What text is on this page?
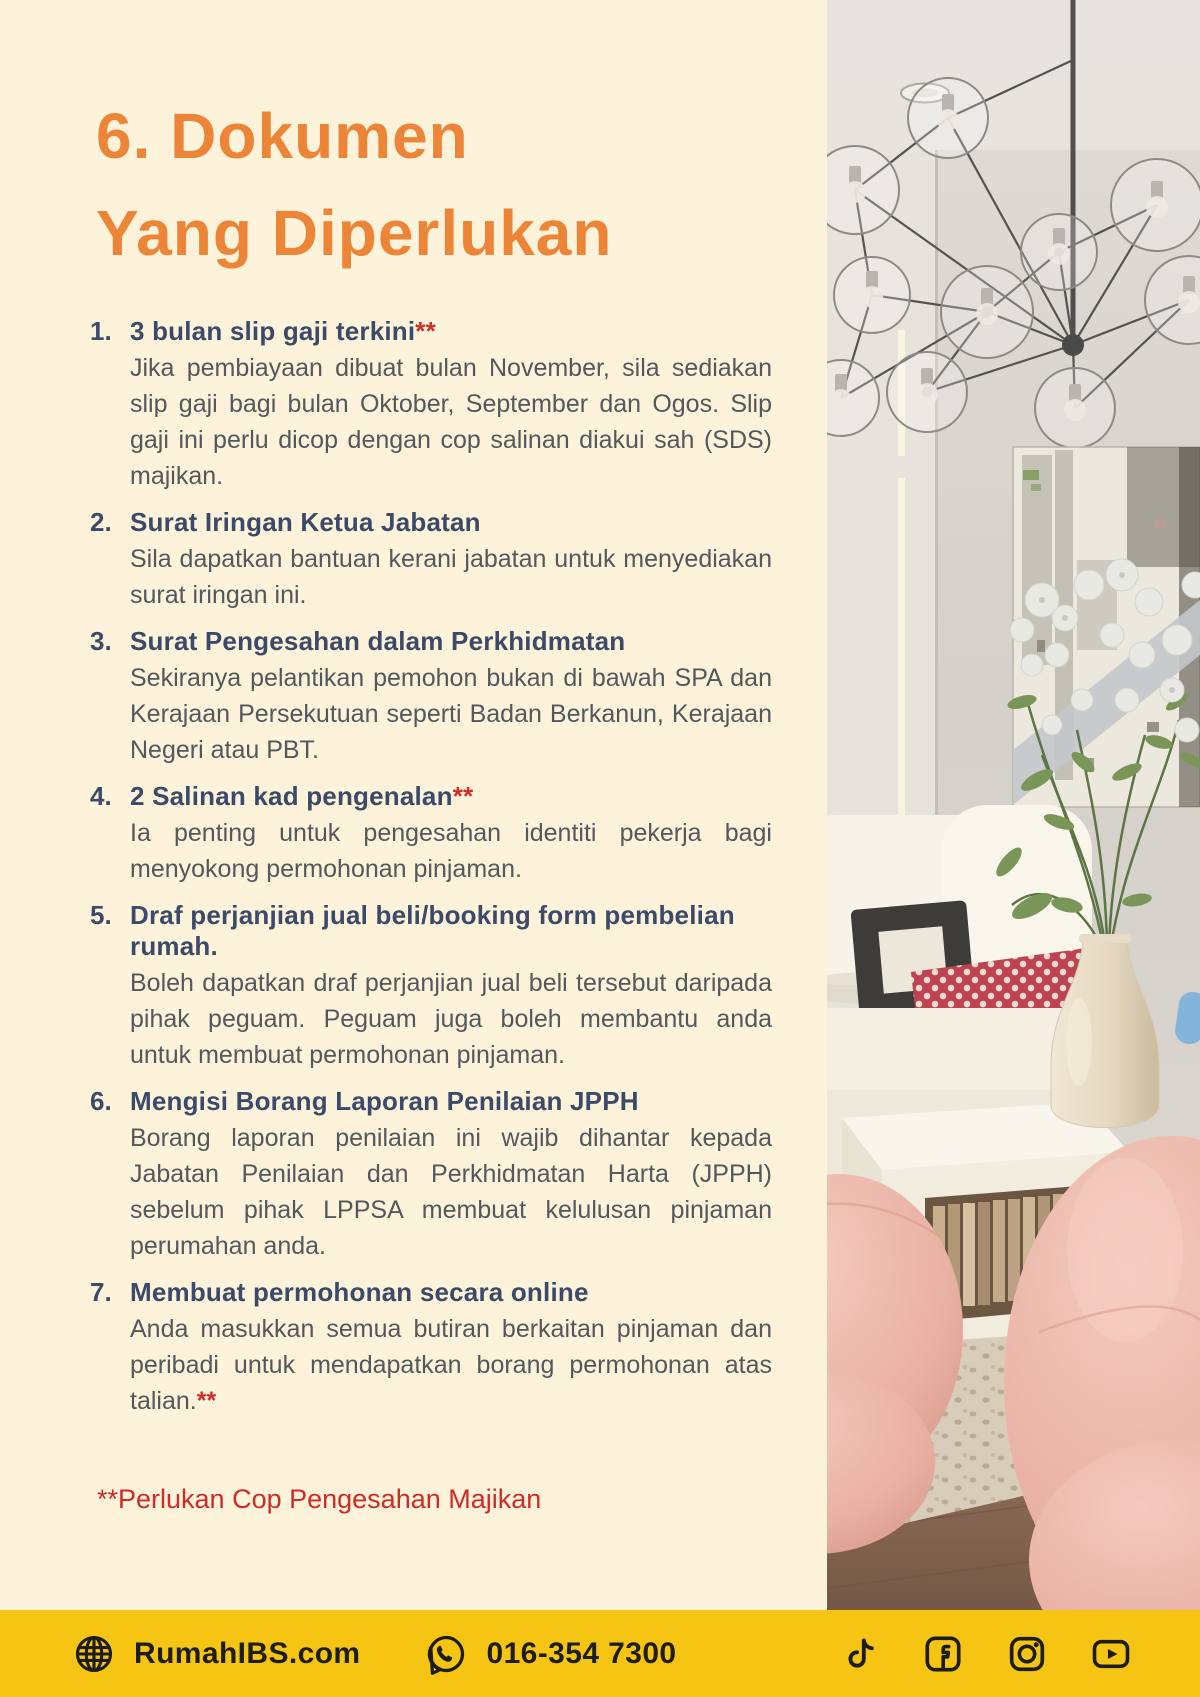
6. Dokumen
Yang Diperlukan
1. 3 bulan slip gaji terkini**

Jika pembiayaan dibuat bulan November, sila sediakan slip gaji bagi bulan Oktober, September dan Ogos. Slip gaji ini perlu dicop dengan cop salinan diakui sah (SDS) majikan.

2. Surat Iringan Ketua Jabatan

Sila dapatkan bantuan kerani jabatan untuk menyediakan surat iringan ini.

3. Surat Pengesahan dalam Perkhidmatan

Sekiranya pelantikan pemohon bukan di bawah SPA dan Kerajaan Persekutuan seperti Badan Berkanun, Kerajaan Negeri atau PBT.

4. 2 Salinan kad pengenalan**

Ia penting untuk pengesahan identiti pekerja bagi menyokong permohonan pinjaman.

5. Draf perjanjian jual beli/booking form pembelian rumah.

Boleh dapatkan draf perjanjian jual beli tersebut daripada pihak peguam. Peguam juga boleh membantu anda untuk membuat permohonan pinjaman.

6. Mengisi Borang Laporan Penilaian JPPH

Borang laporan penilaian ini wajib dihantar kepada Jabatan Penilaian dan Perkhidmatan Harta (JPPH) sebelum pihak LPPSA membuat kelulusan pinjaman perumahan anda.

7. Membuat permohonan secara online

Anda masukkan semua butiran berkaitan pinjaman dan peribadi untuk mendapatkan borang permohonan atas talian.**

**Perlukan Cop Pengesahan Majikan
RumahIBS.com	016-354 7300
